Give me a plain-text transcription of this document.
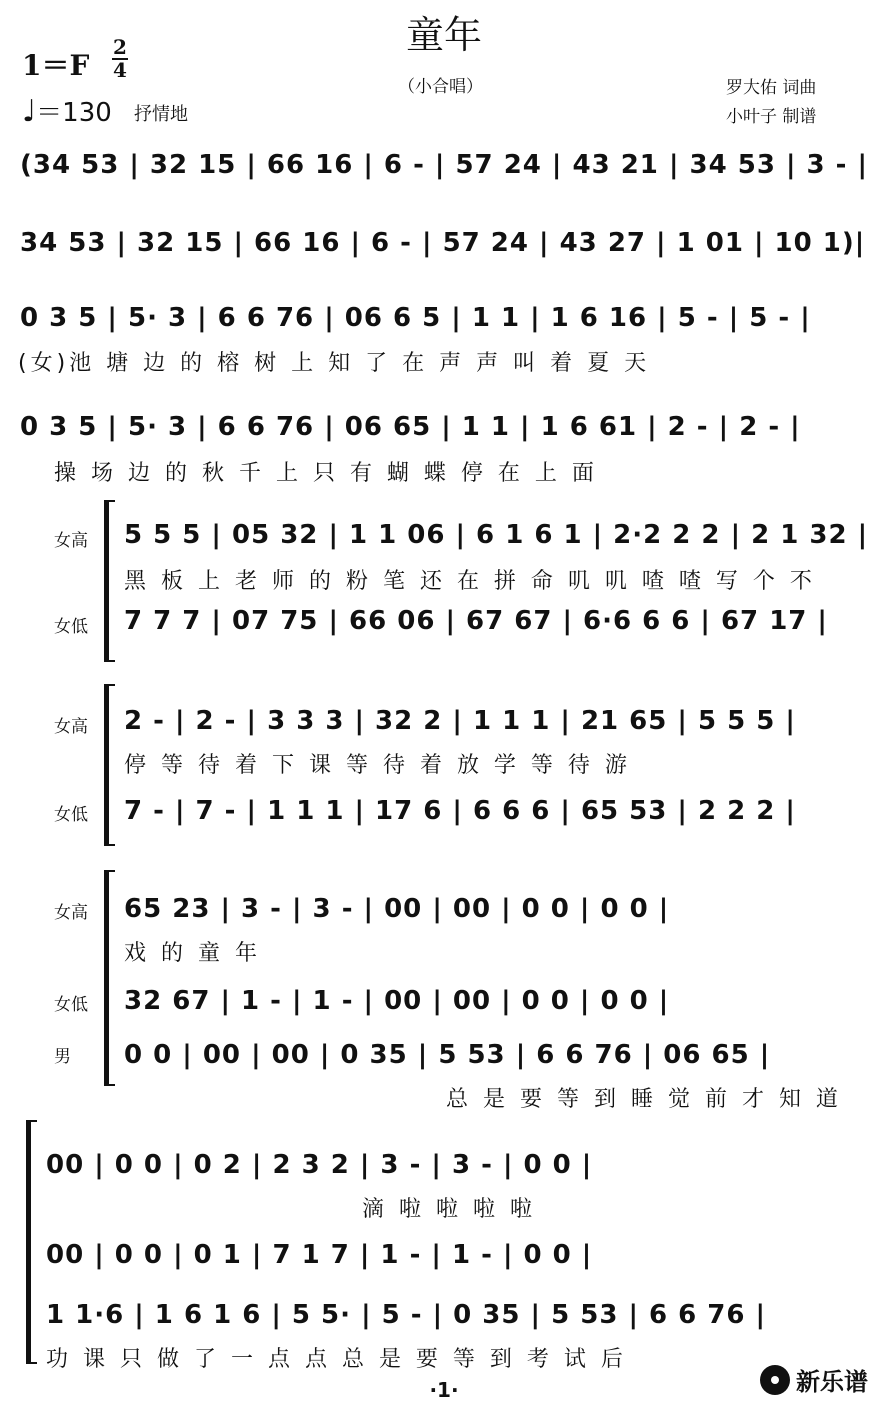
童年
1＝F
2
4
♩＝130 抒情地
（小合唱）	罗大佑 词曲
小叶子 制谱
(34 53 | 32 15 | 66 16 | 6 - | 57 24 | 43 21 | 34 53 | 3 - |
34 53 | 32 15 | 66 16 | 6 - | 57 24 | 43 27 | 1 01 | 10 1)|
0 3 5 | 5· 3 | 6 6 76 | 06 6 5 | 1 1 | 1 6 16 | 5 - | 5 - |
(女)池 塘 边 的 榕 树 上 知 了 在 声 声 叫 着 夏 天
0 3 5 | 5· 3 | 6 6 76 | 06 65 | 1 1 | 1 6 61 | 2 - | 2 - |
操 场 边 的 秋 千 上 只 有 蝴 蝶 停 在 上 面
女高
女低
5 5 5 | 05 32 | 1 1 06 | 6 1 6 1 | 2·2 2 2 | 2 1 32 |
黑 板 上 老 师 的 粉 笔 还 在 拼 命 叽 叽 喳 喳 写 个 不
7 7 7 | 07 75 | 66 06 | 67 67 | 6·6 6 6 | 67 17 |
女高
女低
2 - | 2 - | 3 3 3 | 32 2 | 1 1 1 | 21 65 | 5 5 5 |
停 等 待 着 下 课 等 待 着 放 学 等 待 游
7 - | 7 - | 1 1 1 | 17 6 | 6 6 6 | 65 53 | 2 2 2 |
女高
女低
男
65 23 | 3 - | 3 - | 00 | 00 | 0 0 | 0 0 |
戏 的 童 年
32 67 | 1 - | 1 - | 00 | 00 | 0 0 | 0 0 |
0 0 | 00 | 00 | 0 35 | 5 53 | 6 6 76 | 06 65 |
总 是 要 等 到 睡 觉 前 才 知 道
00 | 0 0 | 0 2 | 2 3 2 | 3 - | 3 - | 0 0 |
滴 啦 啦 啦 啦
00 | 0 0 | 0 1 | 7 1 7 | 1 - | 1 - | 0 0 |
1 1·6 | 1 6 1 6 | 5 5· | 5 - | 0 35 | 5 53 | 6 6 76 |
功 课 只 做 了 一 点 点 总 是 要 等 到 考 试 后
·1·	新乐谱
